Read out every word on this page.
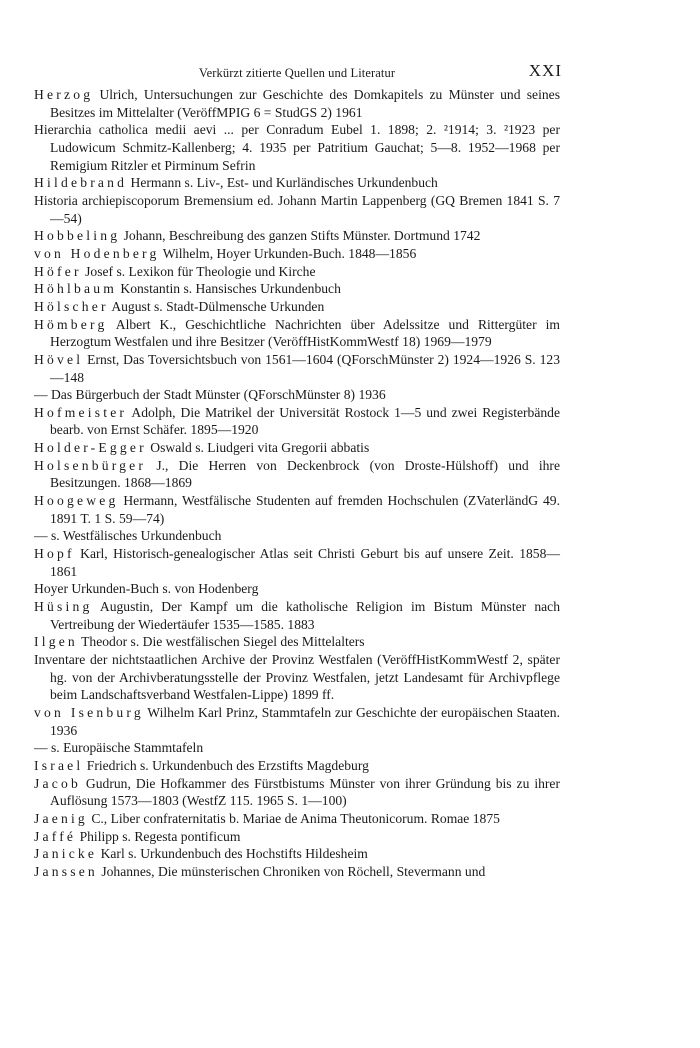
Verkürzt zitierte Quellen und Literatur	XXI
Herzog Ulrich, Untersuchungen zur Geschichte des Domkapitels zu Münster und seines Besitzes im Mittelalter (VeröffMPIG 6 = StudGS 2) 1961
Hierarchia catholica medii aevi ... per Conradum Eubel 1. 1898; 2. ²1914; 3. ²1923 per Ludowicum Schmitz-Kallenberg; 4. 1935 per Patritium Gauchat; 5—8. 1952—1968 per Remigium Ritzler et Pirminum Sefrin
Hildebrand Hermann s. Liv-, Est- und Kurländisches Urkundenbuch
Historia archiepiscoporum Bremensium ed. Johann Martin Lappenberg (GQ Bremen 1841 S. 7—54)
Hobbeling Johann, Beschreibung des ganzen Stifts Münster. Dortmund 1742
von Hodenberg Wilhelm, Hoyer Urkunden-Buch. 1848—1856
Höfer Josef s. Lexikon für Theologie und Kirche
Höhlbaum Konstantin s. Hansisches Urkundenbuch
Hölscher August s. Stadt-Dülmensche Urkunden
Hömberg Albert K., Geschichtliche Nachrichten über Adelssitze und Rittergüter im Herzogtum Westfalen und ihre Besitzer (VeröffHistKommWestf 18) 1969—1979
Hövel Ernst, Das Toversichtsbuch von 1561—1604 (QForschMünster 2) 1924—1926 S. 123—148
— Das Bürgerbuch der Stadt Münster (QForschMünster 8) 1936
Hofmeister Adolph, Die Matrikel der Universität Rostock 1—5 und zwei Registerbände bearb. von Ernst Schäfer. 1895—1920
Holder-Egger Oswald s. Liudgeri vita Gregorii abbatis
Holsenbürger J., Die Herren von Deckenbrock (von Droste-Hülshoff) und ihre Besitzungen. 1868—1869
Hoogeweg Hermann, Westfälische Studenten auf fremden Hochschulen (ZVaterländG 49. 1891 T. 1 S. 59—74)
— s. Westfälisches Urkundenbuch
Hopf Karl, Historisch-genealogischer Atlas seit Christi Geburt bis auf unsere Zeit. 1858—1861
Hoyer Urkunden-Buch s. von Hodenberg
Hüsing Augustin, Der Kampf um die katholische Religion im Bistum Münster nach Vertreibung der Wiedertäufer 1535—1585. 1883
Ilgen Theodor s. Die westfälischen Siegel des Mittelalters
Inventare der nichtstaatlichen Archive der Provinz Westfalen (VeröffHistKommWestf 2, später hg. von der Archivberatungsstelle der Provinz Westfalen, jetzt Landesamt für Archivpflege beim Landschaftsverband Westfalen-Lippe) 1899 ff.
von Isenburg Wilhelm Karl Prinz, Stammtafeln zur Geschichte der europäischen Staaten. 1936
— s. Europäische Stammtafeln
Israel Friedrich s. Urkundenbuch des Erzstifts Magdeburg
Jacob Gudrun, Die Hofkammer des Fürstbistums Münster von ihrer Gründung bis zu ihrer Auflösung 1573—1803 (WestfZ 115. 1965 S. 1—100)
Jaenig C., Liber confraternitatis b. Mariae de Anima Theutonicorum. Romae 1875
Jaffé Philipp s. Regesta pontificum
Janicke Karl s. Urkundenbuch des Hochstifts Hildesheim
Janssen Johannes, Die münsterischen Chroniken von Röchell, Stevermann und
